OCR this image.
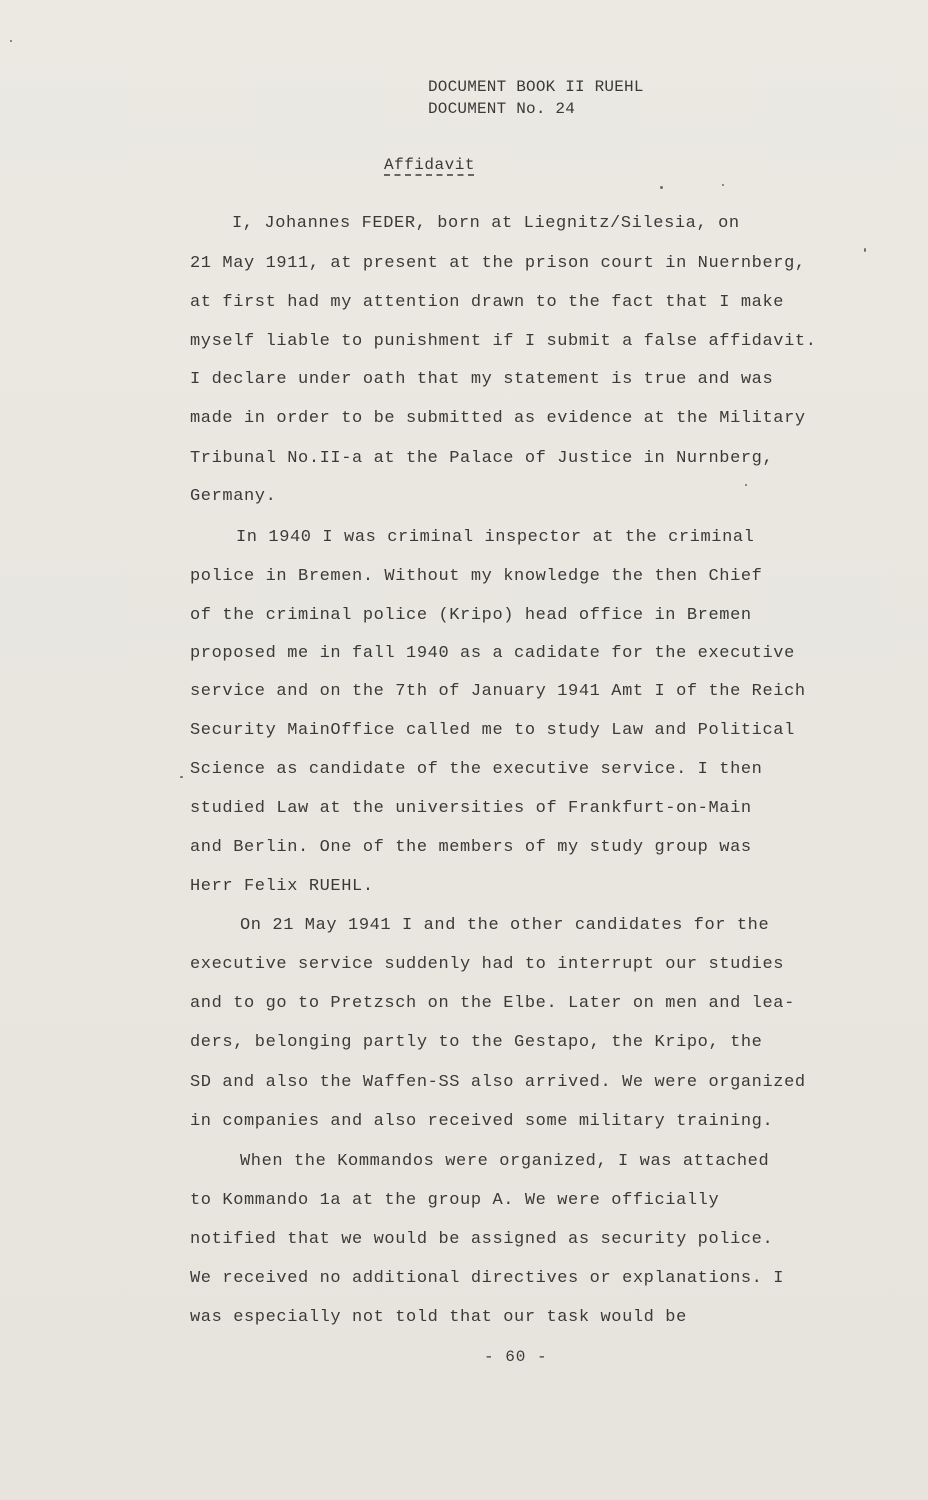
DOCUMENT BOOK II RUEHL
DOCUMENT No. 24
Affidavit
I, Johannes FEDER, born at Liegnitz/Silesia, on
21 May 1911, at present at the prison court in Nuernberg,
at first had my attention drawn to the fact that I make
myself liable to punishment if I submit a false affidavit.
I declare under oath that my statement is true and was
made in order to be submitted as evidence at the Military
Tribunal No.II-a at the Palace of Justice in Nurnberg,
Germany.
In 1940 I was criminal inspector at the criminal
police in Bremen. Without my knowledge the then Chief
of the criminal police (Kripo) head office in Bremen
proposed me in fall 1940 as a cadidate for the executive
service and on the 7th of January 1941 Amt I of the Reich
Security MainOffice called me to study Law and Political
Science as candidate of the executive service. I then
studied Law at the universities of Frankfurt-on-Main
and Berlin. One of the members of my study group was
Herr Felix RUEHL.
On 21 May 1941 I and the other candidates for the
executive service suddenly had to interrupt our studies
and to go to Pretzsch on the Elbe. Later on men and lea-
ders, belonging partly to the Gestapo, the Kripo, the
SD and also the Waffen-SS also arrived. We were organized
in companies and also received some military training.
When the Kommandos were organized, I was attached
to Kommando 1a at the group A. We were officially
notified that we would be assigned as security police.
We received no additional directives or explanations. I
was especially not told that our task would be
- 60 -
